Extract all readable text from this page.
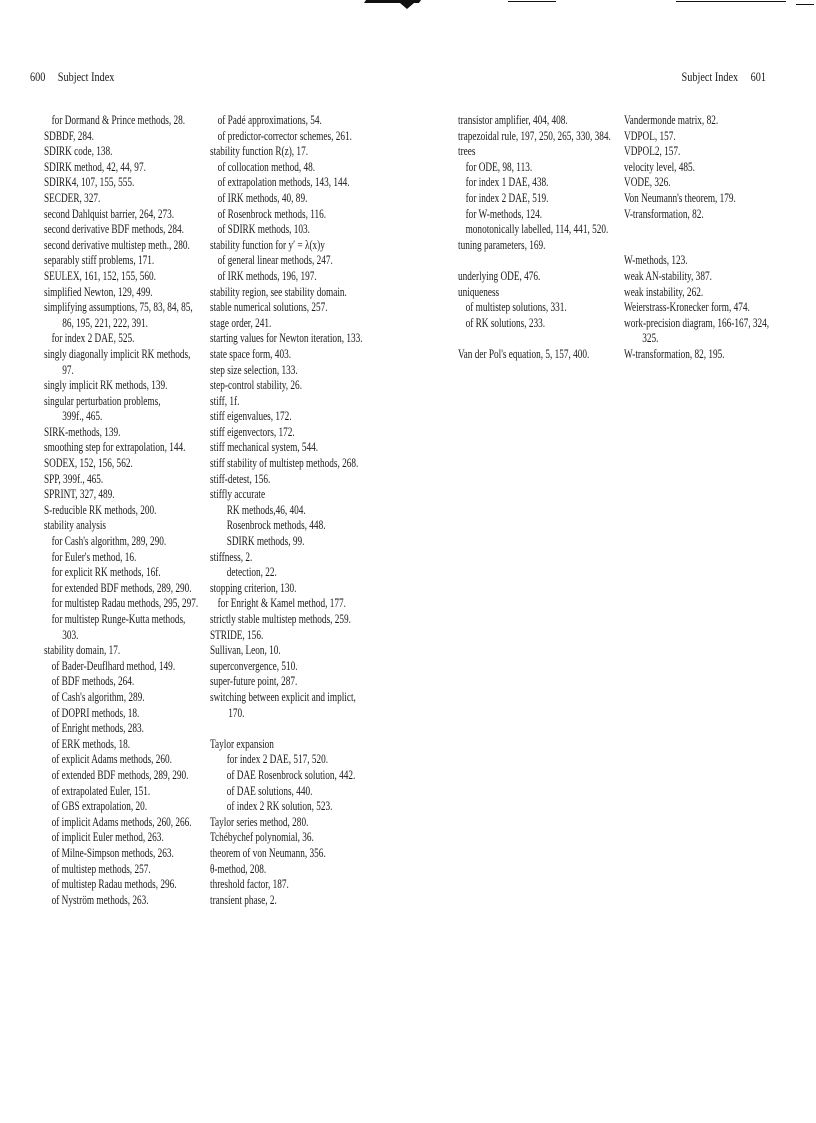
600 Subject Index	Subject Index 601
for Dormand & Prince methods, 28.
SDBDF, 284.
SDIRK code, 138.
SDIRK method, 42, 44, 97.
SDIRK4, 107, 155, 555.
SECDER, 327.
second Dahlquist barrier, 264, 273.
second derivative BDF methods, 284.
second derivative multistep meth., 280.
separably stiff problems, 171.
SEULEX, 161, 152, 155, 560.
simplified Newton, 129, 499.
simplifying assumptions, 75, 83, 84, 85,
86, 195, 221, 222, 391.
for index 2 DAE, 525.
singly diagonally implicit RK methods,
97.
singly implicit RK methods, 139.
singular perturbation problems,
399f., 465.
SIRK-methods, 139.
smoothing step for extrapolation, 144.
SODEX, 152, 156, 562.
SPP, 399f., 465.
SPRINT, 327, 489.
S-reducible RK methods, 200.
stability analysis
for Cash's algorithm, 289, 290.
for Euler's method, 16.
for explicit RK methods, 16f.
for extended BDF methods, 289, 290.
for multistep Radau methods, 295, 297.
for multistep Runge-Kutta methods,
303.
stability domain, 17.
of Bader-Deuflhard method, 149.
of BDF methods, 264.
of Cash's algorithm, 289.
of DOPRI methods, 18.
of Enright methods, 283.
of ERK methods, 18.
of explicit Adams methods, 260.
of extended BDF methods, 289, 290.
of extrapolated Euler, 151.
of GBS extrapolation, 20.
of implicit Adams methods, 260, 266.
of implicit Euler method, 263.
of Milne-Simpson methods, 263.
of multistep methods, 257.
of multistep Radau methods, 296.
of Nyström methods, 263.
of Padé approximations, 54.
of predictor-corrector schemes, 261.
stability function R(z), 17.
of collocation method, 48.
of extrapolation methods, 143, 144.
of IRK methods, 40, 89.
of Rosenbrock methods, 116.
of SDIRK methods, 103.
stability function for y′ = λ(x)y
of general linear methods, 247.
of IRK methods, 196, 197.
stability region, see stability domain.
stable numerical solutions, 257.
stage order, 241.
starting values for Newton iteration, 133.
state space form, 403.
step size selection, 133.
step-control stability, 26.
stiff, 1f.
stiff eigenvalues, 172.
stiff eigenvectors, 172.
stiff mechanical system, 544.
stiff stability of multistep methods, 268.
stiff-detest, 156.
stiffly accurate
RK methods,46, 404.
Rosenbrock methods, 448.
SDIRK methods, 99.
stiffness, 2.
detection, 22.
stopping criterion, 130.
for Enright & Kamel method, 177.
strictly stable multistep methods, 259.
STRIDE, 156.
Sullivan, Leon, 10.
superconvergence, 510.
super-future point, 287.
switching between explicit and implict,
170.
Taylor expansion
for index 2 DAE, 517, 520.
of DAE Rosenbrock solution, 442.
of DAE solutions, 440.
of index 2 RK solution, 523.
Taylor series method, 280.
Tchébychef polynomial, 36.
theorem of von Neumann, 356.
θ-method, 208.
threshold factor, 187.
transient phase, 2.
transistor amplifier, 404, 408.
trapezoidal rule, 197, 250, 265, 330, 384.
trees
for ODE, 98, 113.
for index 1 DAE, 438.
for index 2 DAE, 519.
for W-methods, 124.
monotonically labelled, 114, 441, 520.
tuning parameters, 169.
underlying ODE, 476.
uniqueness
of multistep solutions, 331.
of RK solutions, 233.
Van der Pol's equation, 5, 157, 400.
Vandermonde matrix, 82.
VDPOL, 157.
VDPOL2, 157.
velocity level, 485.
VODE, 326.
Von Neumann's theorem, 179.
V-transformation, 82.
W-methods, 123.
weak AN-stability, 387.
weak instability, 262.
Weierstrass-Kronecker form, 474.
work-precision diagram, 166-167, 324,
325.
W-transformation, 82, 195.
